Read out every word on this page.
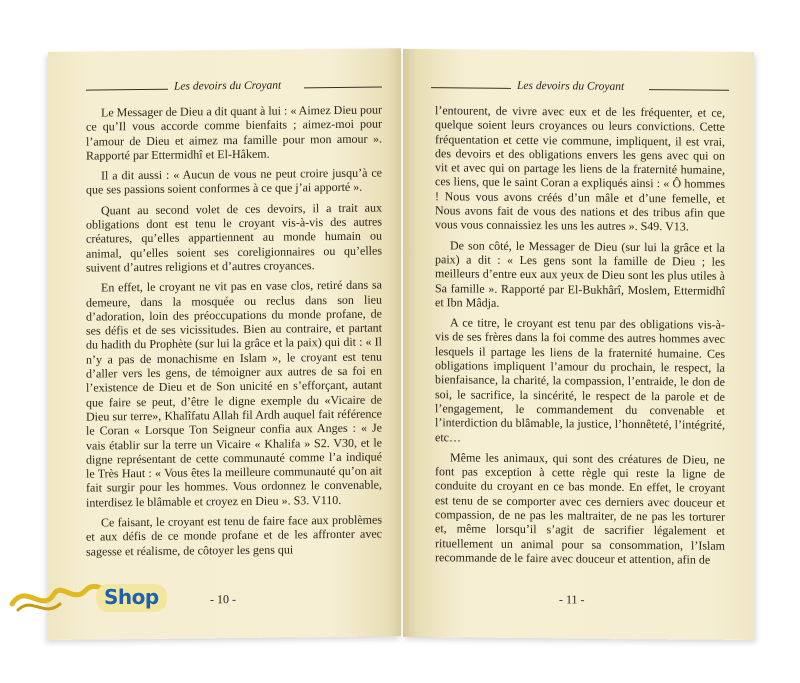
Les devoirs du Croyant

Le Messager de Dieu a dit quant à lui : « Aimez Dieu pour ce qu’Il vous accorde comme bienfaits ; aimez-moi pour l’amour de Dieu et aimez ma famille pour mon amour ». Rapporté par Ettermidhî et El-Hâkem.

Il a dit aussi : « Aucun de vous ne peut croire jusqu’à ce que ses passions soient conformes à ce que j’ai apporté ».

Quant au second volet de ces devoirs, il a trait aux obligations dont est tenu le croyant vis-à-vis des autres créatures, qu’elles appartiennent au monde humain ou animal, qu’elles soient ses coreligionnaires ou qu’elles suivent d’autres religions et d’autres croyances.

En effet, le croyant ne vit pas en vase clos, retiré dans sa demeure, dans la mosquée ou reclus dans son lieu d’adoration, loin des préoccupations du monde profane, de ses défis et de ses vicissitudes. Bien au contraire, et partant du hadith du Prophète (sur lui la grâce et la paix) qui dit : « Il n’y a pas de monachisme en Islam », le croyant est tenu d’aller vers les gens, de témoigner aux autres de sa foi en l’existence de Dieu et de Son unicité en s’efforçant, autant que faire se peut, d’être le digne exemple du «Vicaire de Dieu sur terre», Khalîfatu Allah fil Ardh auquel fait référence le Coran « Lorsque Ton Seigneur confia aux Anges : « Je vais établir sur la terre un Vicaire « Khalifa » S2. V30, et le digne représentant de cette communauté comme l’a indiqué le Très Haut : « Vous êtes la meilleure communauté qu’on ait fait surgir pour les hommes. Vous ordonnez le convenable, interdisez le blâmable et croyez en Dieu ». S3. V110.

Ce faisant, le croyant est tenu de faire face aux problèmes et aux défis de ce monde profane et de les affronter avec sagesse et réalisme, de côtoyer les gens qui

- 10 -
Les devoirs du Croyant

l’entourent, de vivre avec eux et de les fréquenter, et ce, quelque soient leurs croyances ou leurs convictions. Cette fréquentation et cette vie commune, impliquent, il est vrai, des devoirs et des obligations envers les gens avec qui on vit et avec qui on partage les liens de la fraternité humaine, ces liens, que le saint Coran a expliqués ainsi : « Ô hommes ! Nous vous avons créés d’un mâle et d’une femelle, et Nous avons fait de vous des nations et des tribus afin que vous vous connaissiez les uns les autres ». S49. V13.

De son côté, le Messager de Dieu (sur lui la grâce et la paix) a dit : « Les gens sont la famille de Dieu ; les meilleurs d’entre eux aux yeux de Dieu sont les plus utiles à Sa famille ». Rapporté par El-Bukhârî, Moslem, Ettermidhî et Ibn Mâdja.

A ce titre, le croyant est tenu par des obligations vis-à-vis de ses frères dans la foi comme des autres hommes avec lesquels il partage les liens de la fraternité humaine. Ces obligations impliquent l’amour du prochain, le respect, la bienfaisance, la charité, la compassion, l’entraide, le don de soi, le sacrifice, la sincérité, le respect de la parole et de l’engagement, le commandement du convenable et l’interdiction du blâmable, la justice, l’honnêteté, l’intégrité, etc…

Même les animaux, qui sont des créatures de Dieu, ne font pas exception à cette règle qui reste la ligne de conduite du croyant en ce bas monde. En effet, le croyant est tenu de se comporter avec ces derniers avec douceur et compassion, de ne pas les maltraiter, de ne pas les torturer et, même lorsqu’il s’agit de sacrifier légalement et rituellement un animal pour sa consommation, l’Islam recommande de le faire avec douceur et attention, afin de

- 11 -
Shop
